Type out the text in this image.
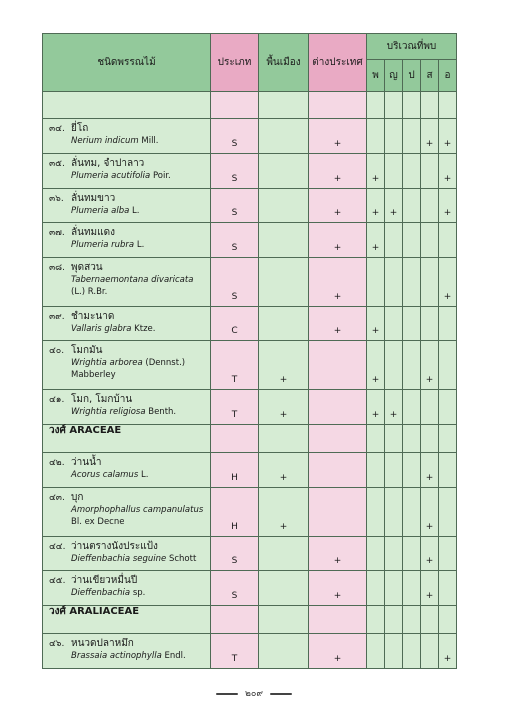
ชนิดพรรณไม้	ประเภท	พื้นเมือง	ต่างประเทศ	บริเวณที่พบ				
				พ	ญ	ป	ส	อ

๓๔. ยี่โถ
Nerium indicum Mill.	S		+				+	+

๓๕. ลั่นทม, จำปาลาว
Plumeria acutifolia Poir.	S		+	+				+

๓๖. ลั่นทมขาว
Plumeria alba L.	S		+	+	+			+

๓๗. ลั่นทมแดง
Plumeria rubra L.	S		+	+				

๓๘. พุดสวน
Tabernaemontana divaricata
(L.) R.Br.	S		+					+

๓๙. ชำมะนาด
Vallaris glabra Ktze.	C		+	+				

๔๐. โมกมัน
Wrightia arborea (Dennst.)
Mabberley	T	+		+			+	

๔๑. โมก, โมกบ้าน
Wrightia religiosa Benth.	T	+		+	+			
วงศ์ ARACEAE								

๔๒. ว่านน้ำ
Acorus calamus L.	H	+					+	

๔๓. บุก
Amorphophallus campanulatus
Bl. ex Decne	H	+					+	

๔๔. ว่านตรางนังประแป้ง
Dieffenbachia seguine Schott	S		+				+	

๔๕. ว่านเขียวหมื่นปี
Dieffenbachia sp.	S		+				+	
วงศ์ ARALIACEAE								

๔๖. หนวดปลาหมึก
Brassaia actinophylla Endl.	T		+					+
๒๐๙
